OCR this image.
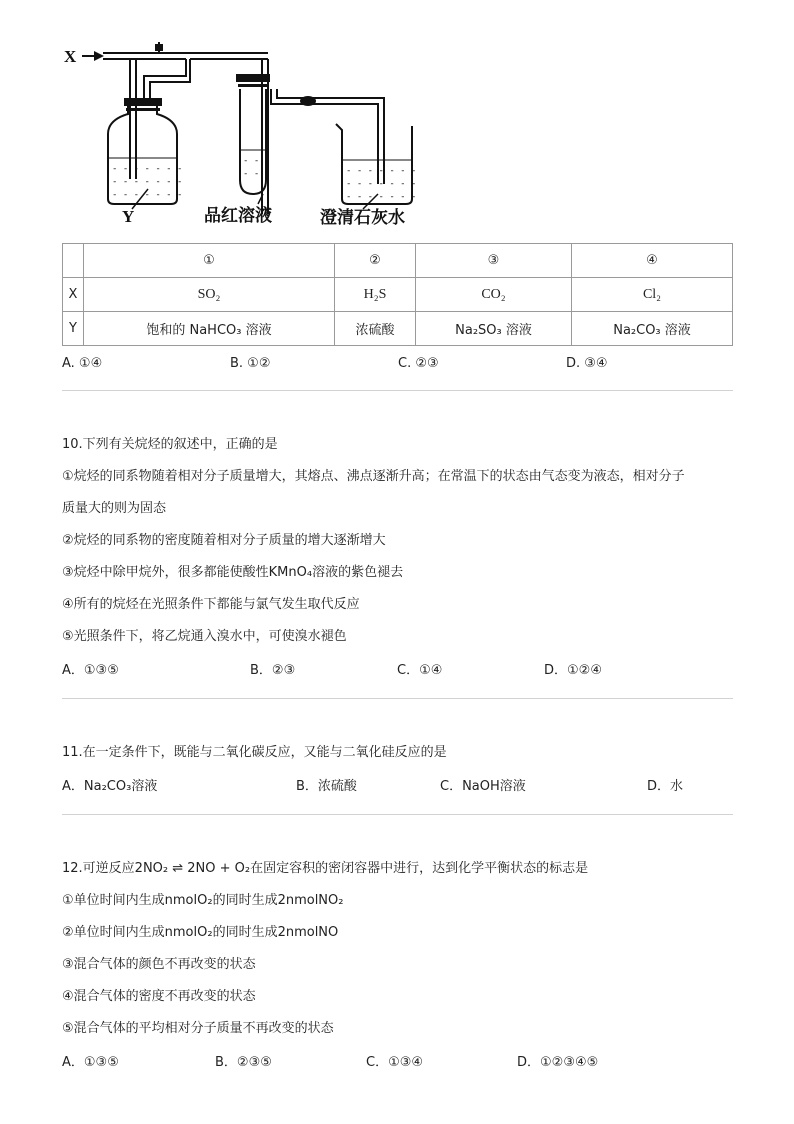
- - - - - - -
- - - - - - -
- - - - - - -
- -
- -	- - - - - - -
- - - - - - -
- - - - - - -
X
Y	品红溶液	澄清石灰水
	①	②	③	④
X	SO₂	H₂S	CO₂	Cl₂
Y	饱和的 NaHCO₃ 溶液	浓硫酸	Na₂SO₃ 溶液	Na₂CO₃ 溶液
A. ①④	B. ①②	C. ②③	D. ③④
10.下列有关烷烃的叙述中，正确的是
①烷烃的同系物随着相对分子质量增大，其熔点、沸点逐渐升高；在常温下的状态由气态变为液态，相对分子
质量大的则为固态
②烷烃的同系物的密度随着相对分子质量的增大逐渐增大
③烷烃中除甲烷外，很多都能使酸性KMnO₄溶液的紫色褪去
④所有的烷烃在光照条件下都能与氯气发生取代反应
⑤光照条件下，将乙烷通入溴水中，可使溴水褪色
A．①③⑤	B．②③	C．①④	D．①②④
11.在一定条件下，既能与二氧化碳反应，又能与二氧化硅反应的是
A．Na₂CO₃溶液	B．浓硫酸	C．NaOH溶液	D．水
12.可逆反应2NO₂ ⇌ 2NO + O₂在固定容积的密闭容器中进行，达到化学平衡状态的标志是
①单位时间内生成nmolO₂的同时生成2nmolNO₂
②单位时间内生成nmolO₂的同时生成2nmolNO
③混合气体的颜色不再改变的状态
④混合气体的密度不再改变的状态
⑤混合气体的平均相对分子质量不再改变的状态
A．①③⑤	B．②③⑤	C．①③④	D．①②③④⑤
